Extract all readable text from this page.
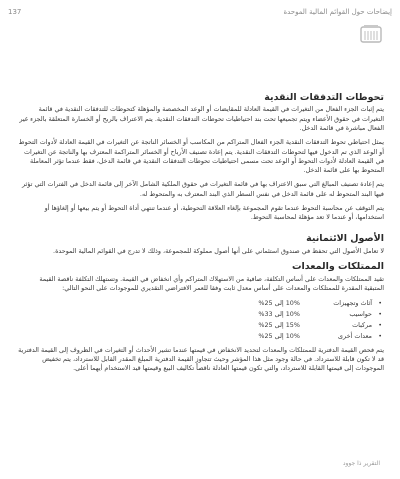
137	إيضاحات حول القوائم المالية الموحدة
تحوطات التدفقات النقدية

يتم إثبات الجزء الفعال من التغيرات في القيمة العادلة للمقايضات أو الوعد المخصصة والمؤهلة كتحوطات للتدفقات النقدية في قائمة التغيرات في حقوق الأعضاء ويتم تجميعها تحت بند احتياطيات تحوطات التدفقات النقدية. يتم الاعتراف بالربح أو الخسارة المتعلقة بالجزء غير الفعال مباشرة في قائمة الدخل.

يمثل احتياطي تحوط التدفقات النقدية الجزء الفعال المتراكم من المكاسب أو الخسائر الناتجة عن التغيرات في القيمة العادلة لأدوات التحوط أو الوعد الذي تم الدخول فيها لتحوطات التدفقات النقدية. يتم إعادة تصنيف الأرباح أو الخسائر المتراكمة المعترف بها والناتجة عن التغيرات في القيمة العادلة لأدوات التحوط أو الوعد تحت مسمى احتياطيات تحوطات التدفقات النقدية في قائمة الدخل، فقط عندما تؤثر المعاملة المتحوط بها على قائمة الدخل.

يتم إعادة تصنيف المبالغ التي سبق الاعتراف بها في قائمة التغيرات في حقوق الملكية الشامل الآخر إلى قائمة الدخل في الفترات التي تؤثر فيها البند المتحوط له على قائمة الدخل في نفس السطر الذي البند المعترف به والمتحوط له.

يتم التوقف عن محاسبة التحوط عندما تقوم المجموعة بإلغاء العلاقة التحوطية، أو عندما تنتهي أداة التحوط أو يتم بيعها أو إلغاؤها أو استخدامها، أو عندما لا تعد مؤهلة لمحاسبة التحوط.

الأصول الائتمانية

لا تعامل الأصول التي تحفظ في صندوق استئماني على أنها أصول مملوكة للمجموعة، وذلك لا تدرج في القوائم المالية الموحدة.

الممتلكات والمعدات

تقيد الممتلكات والمعدات على أساس التكلفة، صافية من الاستهلاك المتراكم وأي انخفاض في القيمة. وتستهلك التكلفة ناقصة القيمة المتبقية المقدرة للممتلكات والمعدات على أساس معدل ثابت وفقا للعمر الافتراضي التقديري للموجودات على النحو التالي:

•
آثاث وتجهيزات 10% إلى 25%
•
حواسيب 10% إلى 33%
•
مركبات 15% إلى 25%
•
معدات أخرى 10% إلى 25%

يتم فحص القيمة الدفترية للممتلكات والمعدات لتحديد الانخفاض في قيمتها عندما تشير الأحداث أو التغيرات في الظروف إلى القيمة الدفترية قد لا تكون قابلة للاسترداد. في حالة وجود مثل هذا المؤشر وحيث تتجاوز القيمة الدفترية المبلغ المقدر القابل للاسترداد، يتم تخفيض الموجودات إلى قيمتها القابلة للاسترداد، والتي تكون قيمتها العادلة ناقصاً تكاليف البيع وقيمتها قيد الاستخدام أيهما أعلى.

التقرير ذا جوود
